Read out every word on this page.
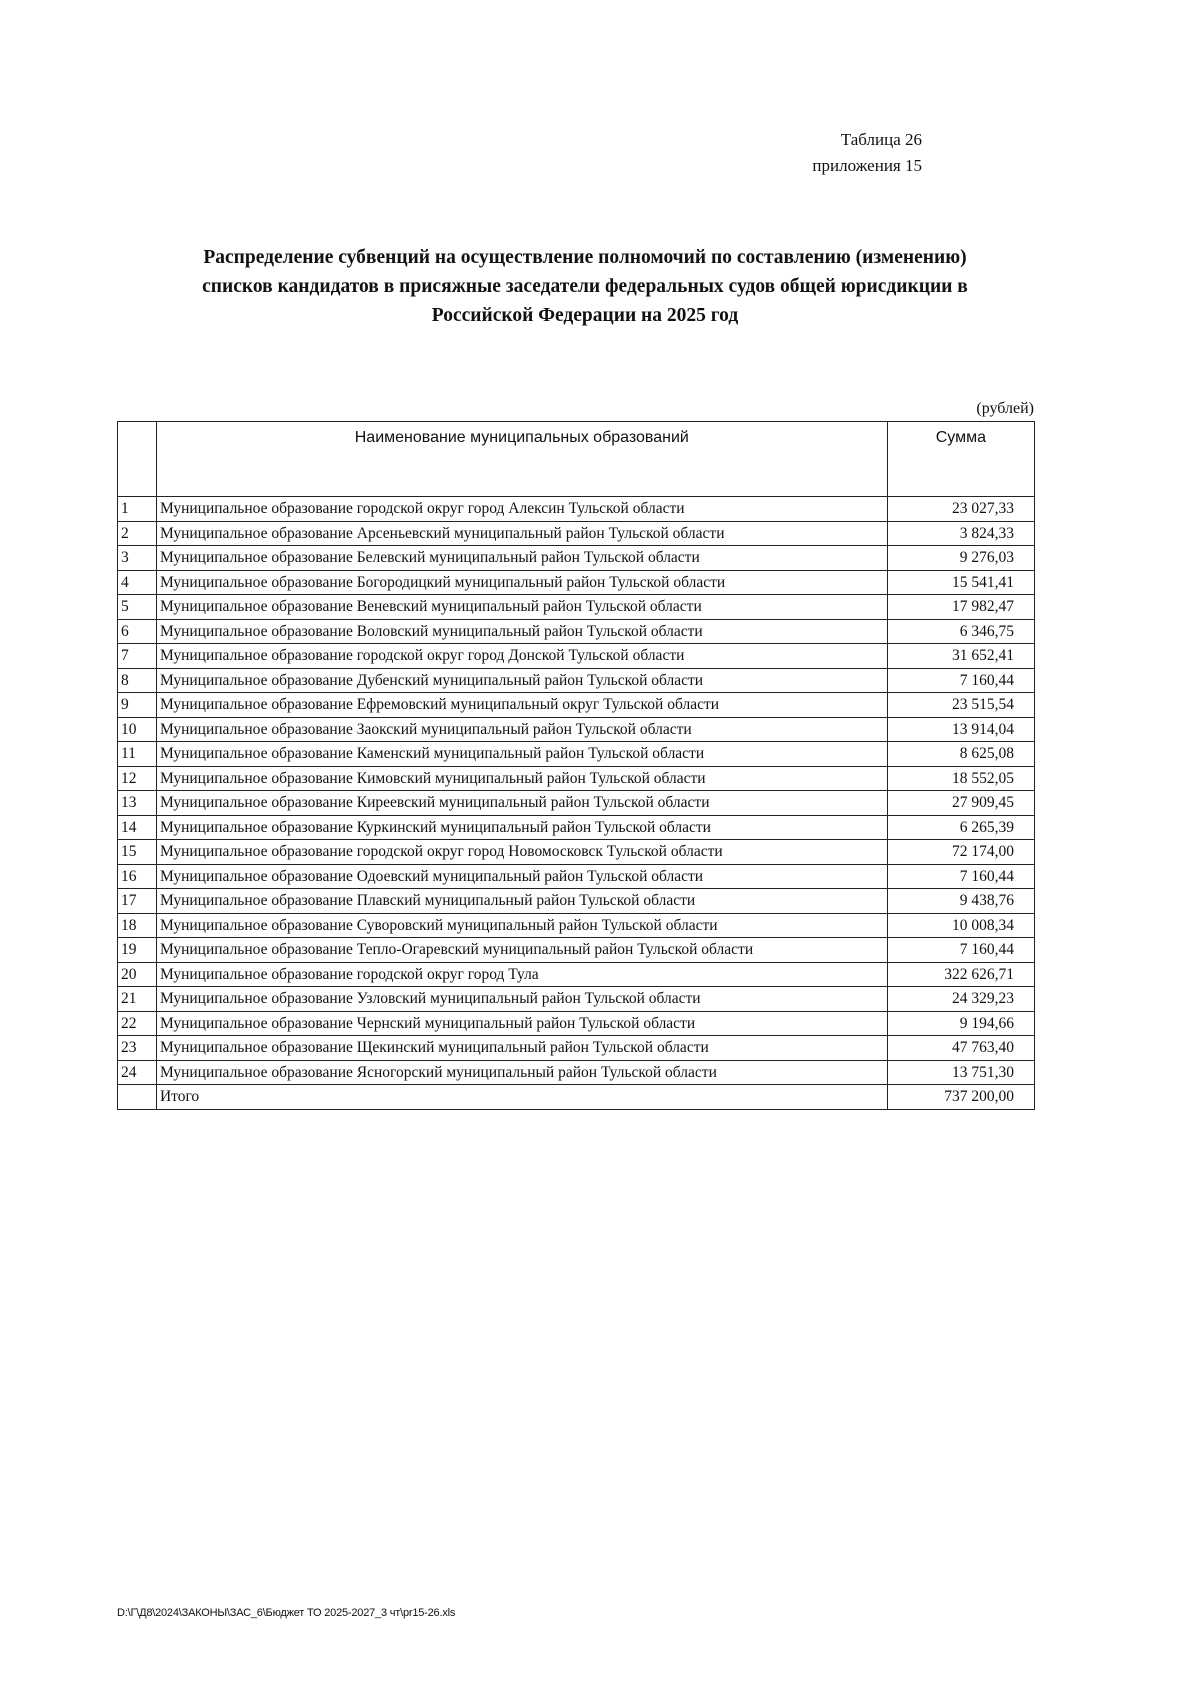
Таблица 26
приложения 15
Распределение субвенций на осуществление полномочий по составлению (изменению)
списков кандидатов в присяжные заседатели федеральных судов общей юрисдикции в
Российской Федерации на 2025 год
(рублей)
	Наименование муниципальных образований	Сумма
1	Муниципальное образование городской округ город Алексин Тульской области	23 027,33
2	Муниципальное образование Арсеньевский муниципальный район Тульской области	3 824,33
3	Муниципальное образование Белевский муниципальный район Тульской области	9 276,03
4	Муниципальное образование Богородицкий муниципальный район Тульской области	15 541,41
5	Муниципальное образование Веневский муниципальный район Тульской области	17 982,47
6	Муниципальное образование Воловский муниципальный район Тульской области	6 346,75
7	Муниципальное образование городской округ город Донской Тульской области	31 652,41
8	Муниципальное образование Дубенский муниципальный район Тульской области	7 160,44
9	Муниципальное образование Ефремовский муниципальный округ Тульской области	23 515,54
10	Муниципальное образование Заокский муниципальный район Тульской области	13 914,04
11	Муниципальное образование Каменский муниципальный район Тульской области	8 625,08
12	Муниципальное образование Кимовский муниципальный район Тульской области	18 552,05
13	Муниципальное образование Киреевский муниципальный район Тульской области	27 909,45
14	Муниципальное образование Куркинский муниципальный район Тульской области	6 265,39
15	Муниципальное образование городской округ город Новомосковск Тульской области	72 174,00
16	Муниципальное образование Одоевский муниципальный район Тульской области	7 160,44
17	Муниципальное образование Плавский муниципальный район Тульской области	9 438,76
18	Муниципальное образование Суворовский муниципальный район Тульской области	10 008,34
19	Муниципальное образование Тепло-Огаревский муниципальный район Тульской области	7 160,44
20	Муниципальное образование городской округ город Тула	322 626,71
21	Муниципальное образование Узловский муниципальный район Тульской области	24 329,23
22	Муниципальное образование Чернский муниципальный район Тульской области	9 194,66
23	Муниципальное образование Щекинский муниципальный район Тульской области	47 763,40
24	Муниципальное образование Ясногорский муниципальный район Тульской области	13 751,30
	Итого	737 200,00
D:\Г\Д8\2024\ЗАКОНЫ\ЗАС_6\Бюджет ТО 2025-2027_3 чт\pr15-26.xls
